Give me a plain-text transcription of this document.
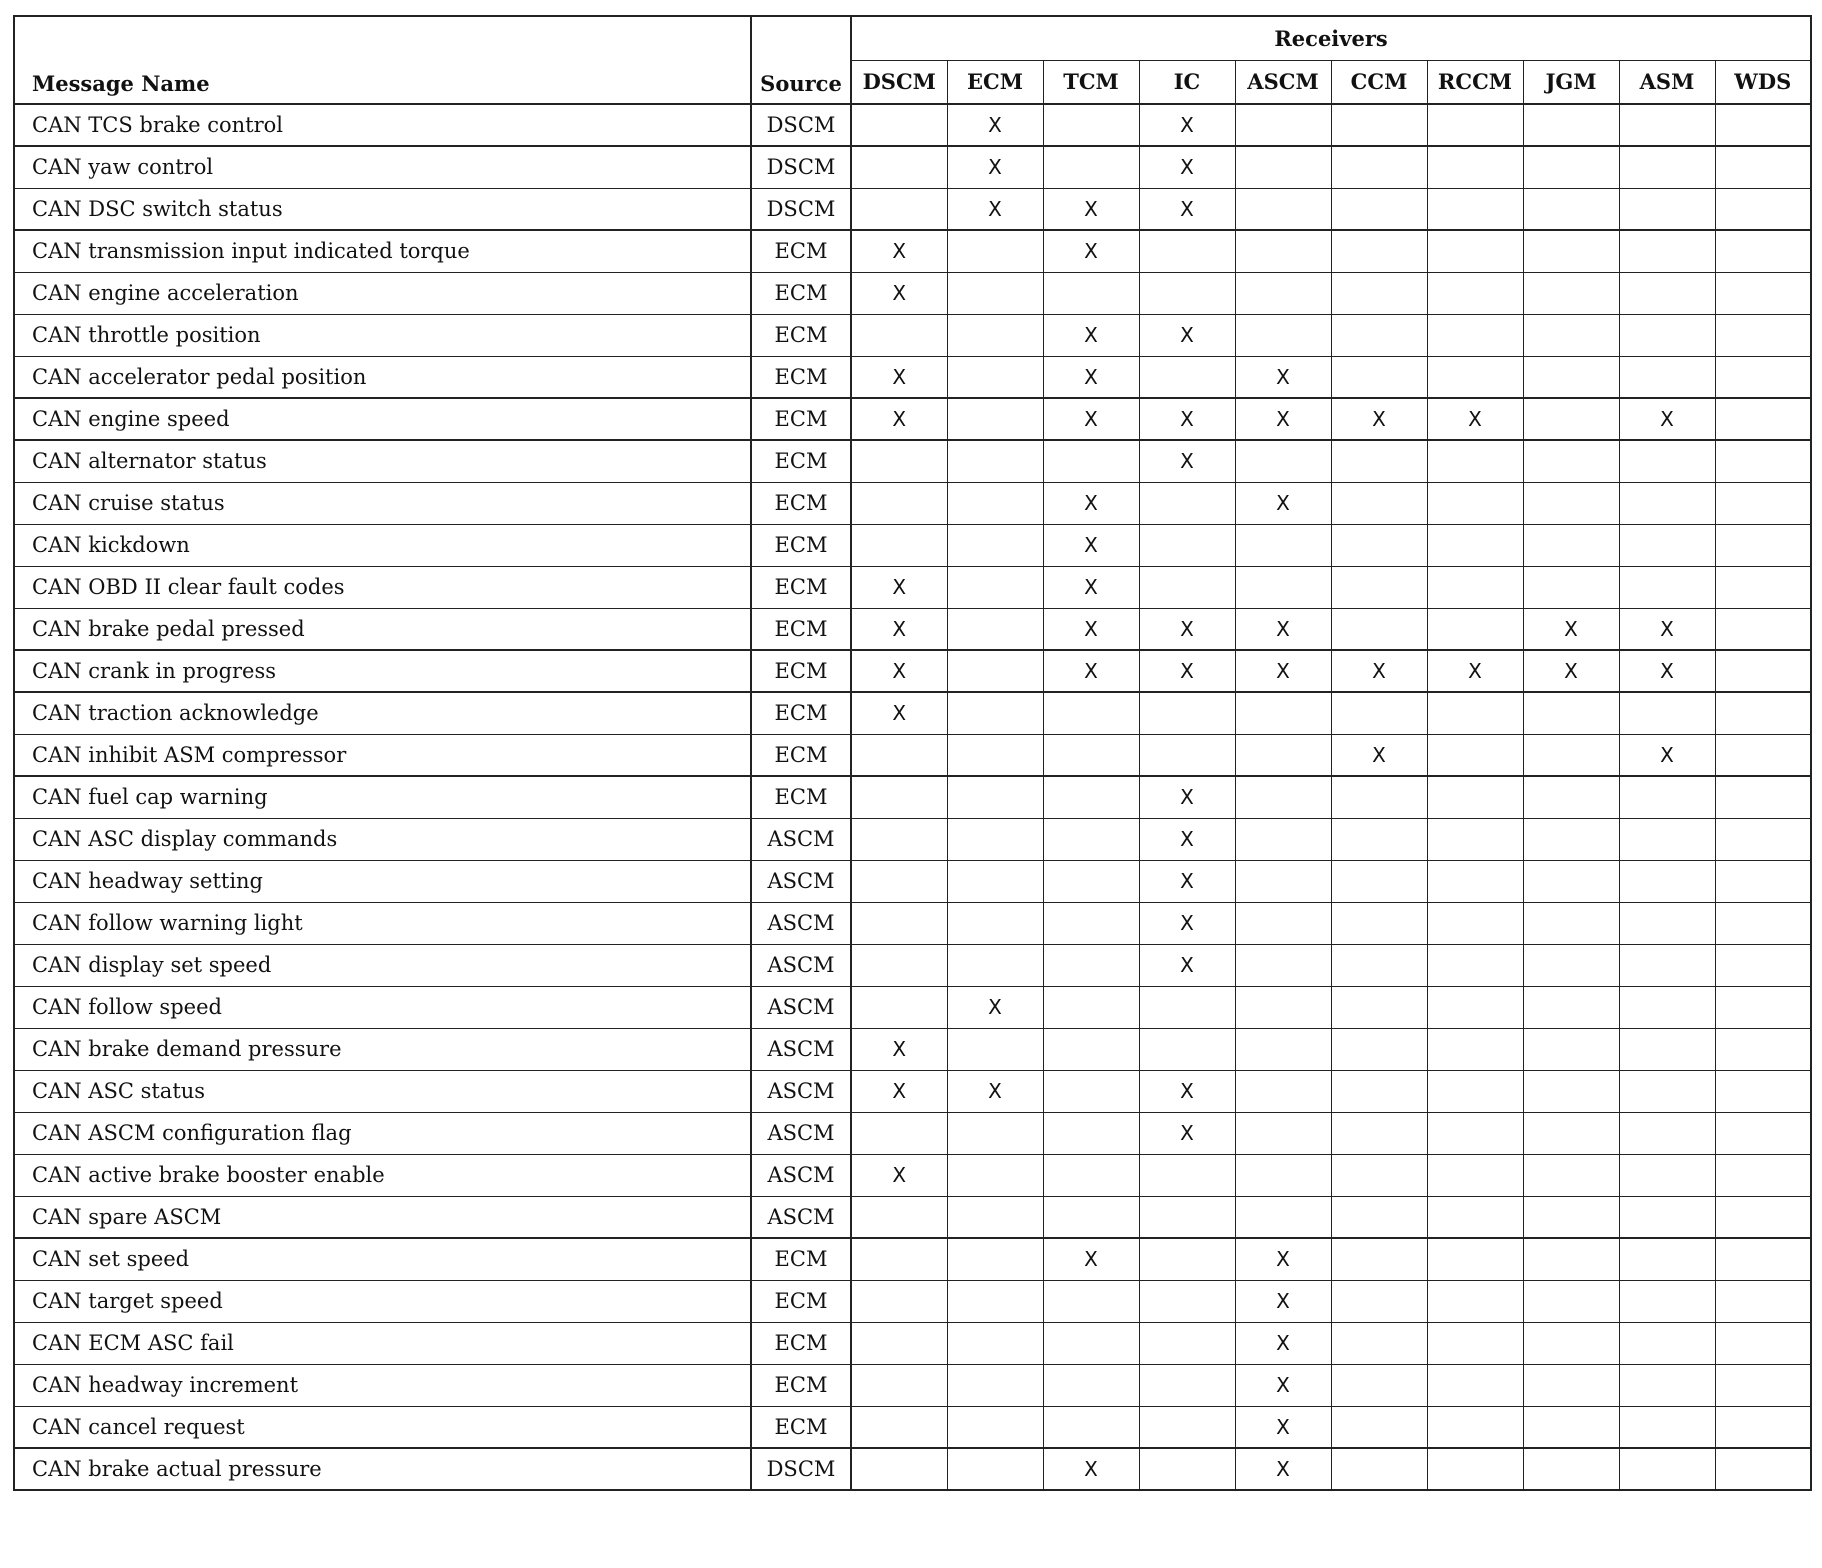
Message Name	Source	Receivers									
		DSCM	ECM	TCM	IC	ASCM	CCM	RCCM	JGM	ASM	WDS
CAN TCS brake control	DSCM		X		X						
CAN yaw control	DSCM		X		X						
CAN DSC switch status	DSCM		X	X	X						
CAN transmission input indicated torque	ECM	X		X							
CAN engine acceleration	ECM	X									
CAN throttle position	ECM			X	X						
CAN accelerator pedal position	ECM	X		X		X					
CAN engine speed	ECM	X		X	X	X	X	X		X	
CAN alternator status	ECM				X						
CAN cruise status	ECM			X		X					
CAN kickdown	ECM			X							
CAN OBD II clear fault codes	ECM	X		X							
CAN brake pedal pressed	ECM	X		X	X	X			X	X	
CAN crank in progress	ECM	X		X	X	X	X	X	X	X	
CAN traction acknowledge	ECM	X									
CAN inhibit ASM compressor	ECM						X			X	
CAN fuel cap warning	ECM				X						
CAN ASC display commands	ASCM				X						
CAN headway setting	ASCM				X						
CAN follow warning light	ASCM				X						
CAN display set speed	ASCM				X						
CAN follow speed	ASCM		X								
CAN brake demand pressure	ASCM	X									
CAN ASC status	ASCM	X	X		X						
CAN ASCM configuration flag	ASCM				X						
CAN active brake booster enable	ASCM	X									
CAN spare ASCM	ASCM										
CAN set speed	ECM			X		X					
CAN target speed	ECM					X					
CAN ECM ASC fail	ECM					X					
CAN headway increment	ECM					X					
CAN cancel request	ECM					X					
CAN brake actual pressure	DSCM			X		X					
